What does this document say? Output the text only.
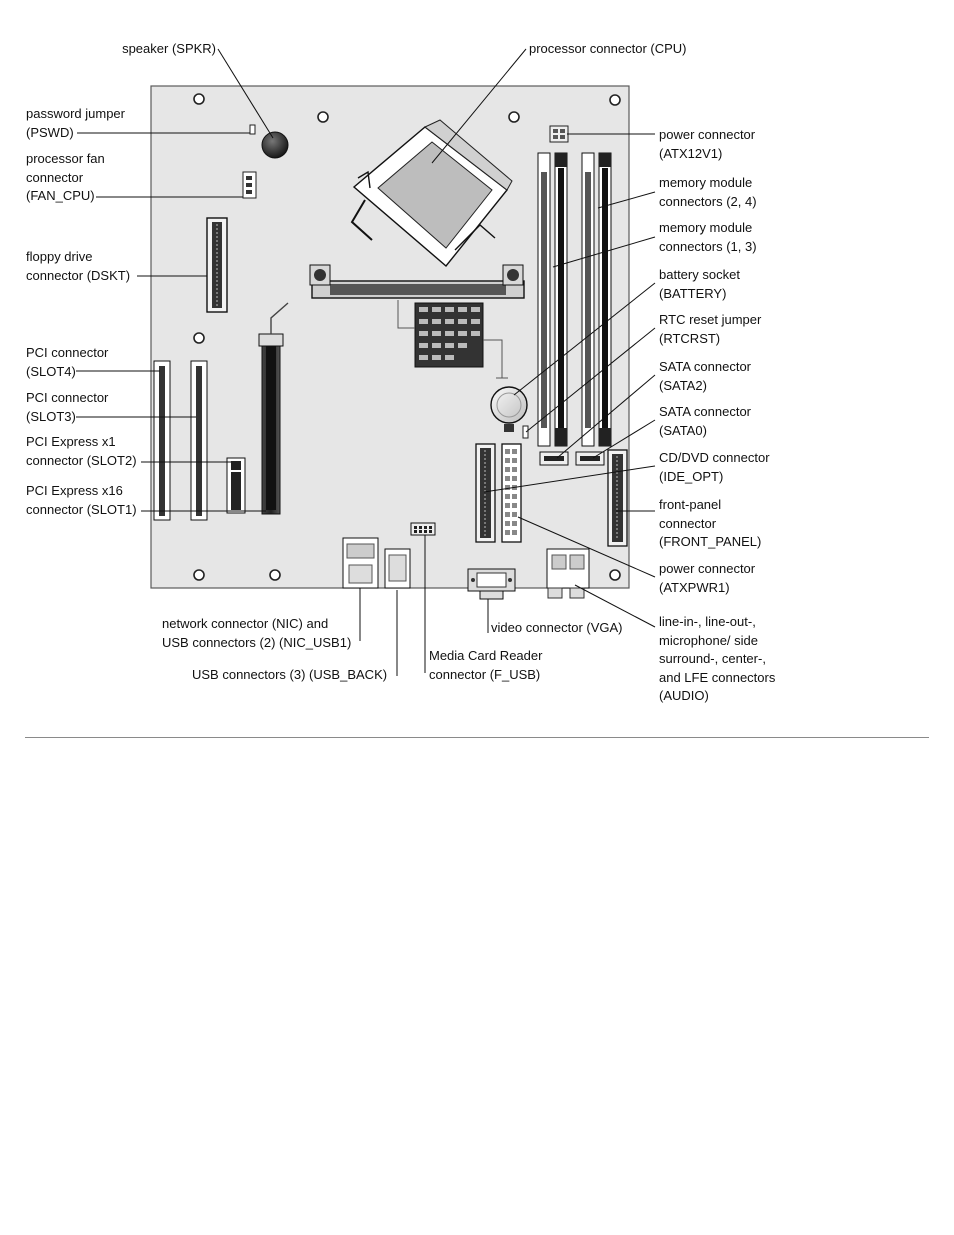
speaker (SPKR)	processor connector (CPU)
password jumper
(PSWD)
processor fan
connector
(FAN_CPU)
floppy drive
connector (DSKT)
PCI connector
(SLOT4)
PCI connector
(SLOT3)
PCI Express x1
connector (SLOT2)
PCI Express x16
connector (SLOT1)
power connector
(ATX12V1)
memory module
connectors (2, 4)
memory module
connectors (1, 3)
battery socket
(BATTERY)
RTC reset jumper
(RTCRST)
SATA connector
(SATA2)
SATA connector
(SATA0)
CD/DVD connector
(IDE_OPT)
front-panel
connector
(FRONT_PANEL)
power connector
(ATXPWR1)
line-in-, line-out-,
microphone/ side
surround-, center-,
and LFE connectors
(AUDIO)
network connector (NIC) and
USB connectors (2) (NIC_USB1)
USB connectors (3) (USB_BACK)
Media Card Reader
connector (F_USB)
video connector (VGA)
